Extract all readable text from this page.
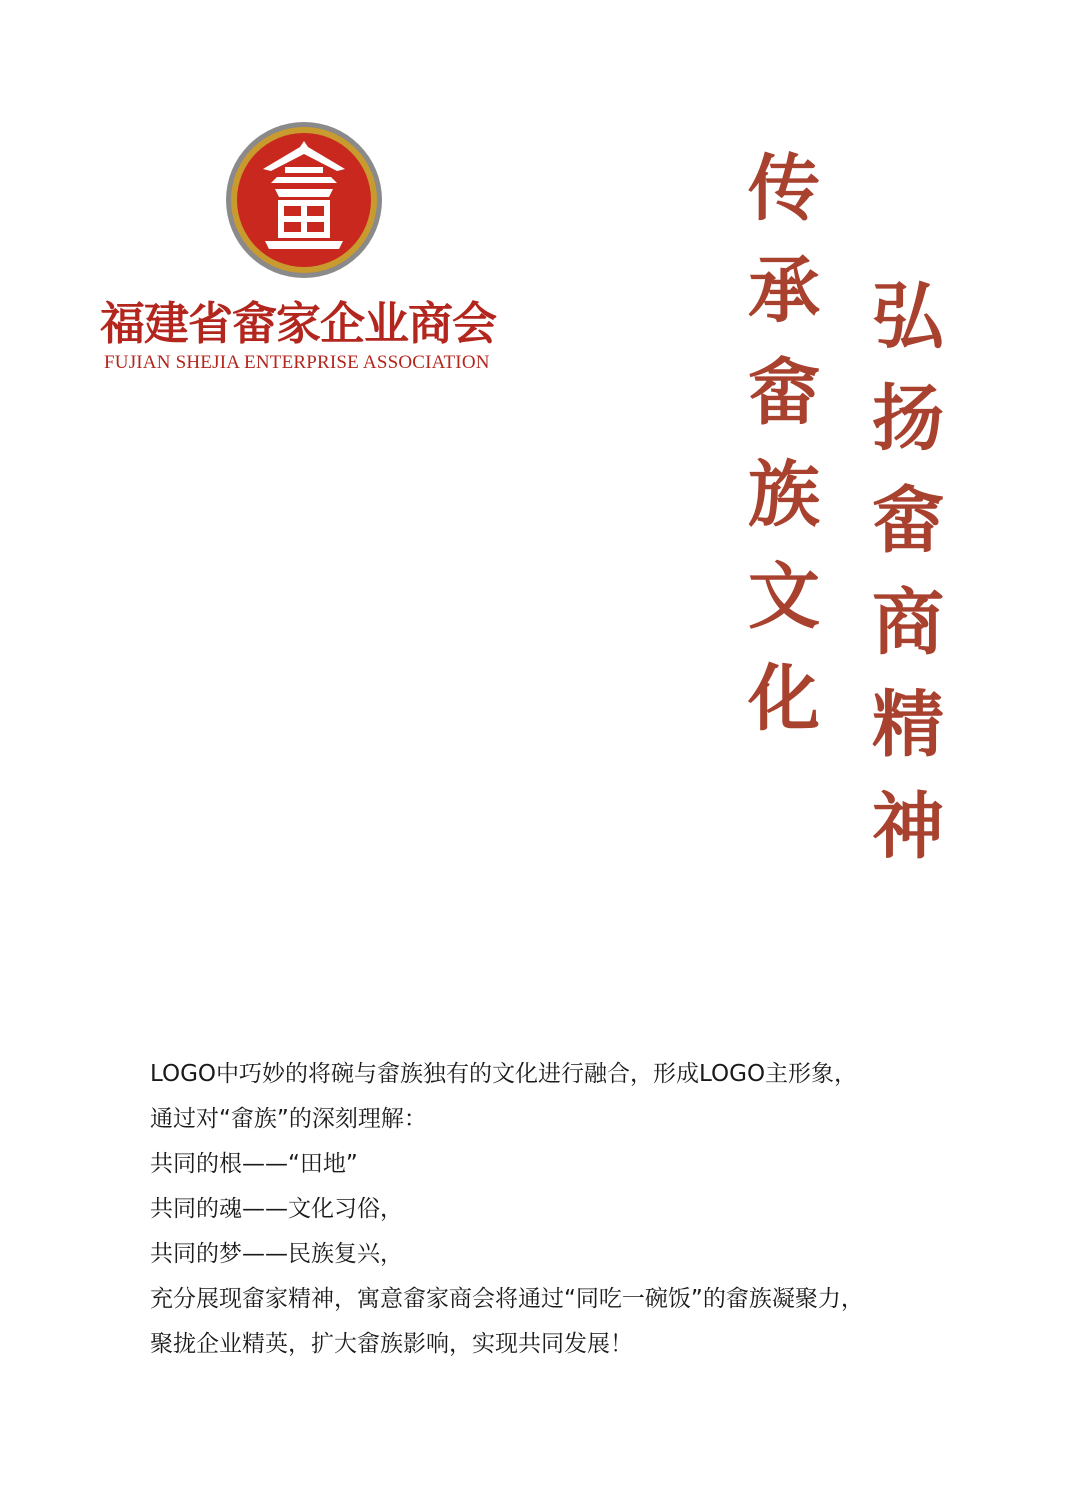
福建省畲家企业商会
FUJIAN SHEJIA ENTERPRISE ASSOCIATION	传承畲族文化 弘扬畲商精神
LOGO中巧妙的将碗与畲族独有的文化进行融合，形成LOGO主形象，
通过对“畲族”的深刻理解：
共同的根——“田地”
共同的魂——文化习俗，
共同的梦——民族复兴，
充分展现畲家精神，寓意畲家商会将通过“同吃一碗饭”的畲族凝聚力，
聚拢企业精英，扩大畲族影响，实现共同发展！
